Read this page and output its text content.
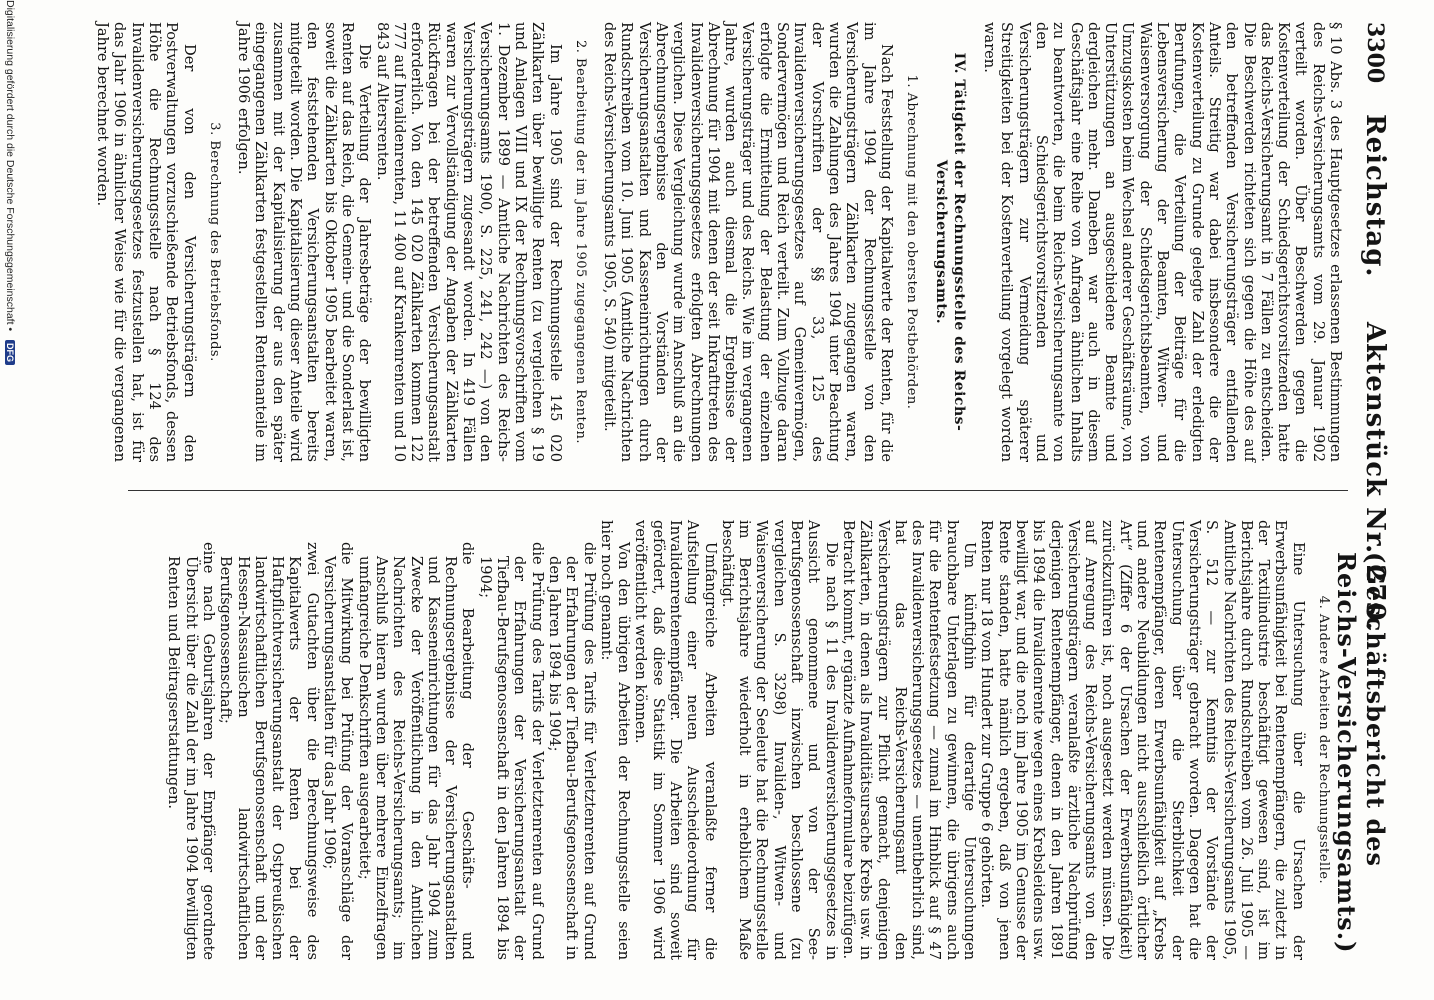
3300
Reichstag.
Aktenstück Nr. 270.
(Geschäftsbericht des Reichs-Versicherungsamts.)

§ 10 Abs. 3 des Hauptgesetzes erlassenen Bestimmungen des Reichs-Versicherungsamts vom 29. Januar 1902 verteilt worden. Über Beschwerden gegen die Kostenverteilung der Schiedsgerichtsvorsitzenden hatte das Reichs-Versicherungsamt in 7 Fällen zu entscheiden. Die Beschwerden richteten sich gegen die Höhe des auf den betreffenden Versicherungsträger entfallenden Anteils. Streitig war dabei insbesondere die der Kostenverteilung zu Grunde gelegte Zahl der erledigten Berufungen, die Verteilung der Beiträge für die Lebensversicherung der Beamten, Witwen- und Waisenversorgung der Schiedsgerichtsbeamten, von Umzugskosten beim Wechsel anderer Geschäftsräume, von Unterstützungen an ausgeschiedene Beamte und dergleichen mehr. Daneben war auch in diesem Geschäftsjahr eine Reihe von Anfragen ähnlichen Inhalts zu beantworten, die beim Reichs-Versicherungsamte von den Schiedsgerichtsvorsitzenden und Versicherungsträgern zur Vermeidung späterer Streitigkeiten bei der Kostenverteilung vorgelegt worden waren.

IV. Tätigkeit der Rechnungsstelle des Reichs-Versicherungsamts.
1. Abrechnung mit den obersten Postbehörden.

Nach Feststellung der Kapitalwerte der Renten, für die im Jahre 1904 der Rechnungsstelle von den Versicherungsträgern Zählkarten zugegangen waren, wurden die Zahlungen des Jahres 1904 unter Beachtung der Vorschriften der §§ 33, 125 des Invalidenversicherungsgesetzes auf Gemeinvermögen, Sondervermögen und Reich verteilt. Zum Vollzuge daran erfolgte die Ermittelung der Belastung der einzelnen Versicherungsträger und des Reichs. Wie im vergangenen Jahre, wurden auch diesmal die Ergebnisse der Abrechnung für 1904 mit denen der seit Inkrafttreten des Invalidenversicherungsgesetzes erfolgten Abrechnungen verglichen. Diese Vergleichung wurde im Anschluß an die Abrechnungsergebnisse den Vorständen der Versicherungsanstalten und Kasseneinrichtungen durch Rundschreiben vom 10. Juni 1905 (Amtliche Nachrichten des Reichs-Versicherungsamts 1905, S. 540) mitgeteilt.

2. Bearbeitung der im Jahre 1905 zugegangenen Renten.

Im Jahre 1905 sind der Rechnungsstelle 145 020 Zählkarten über bewilligte Renten (zu vergleichen § 19 und Anlagen VIII und IX der Rechnungsvorschriften vom 1. Dezember 1899 — Amtliche Nachrichten des Reichs-Versicherungsamts 1900, S. 225, 241, 242 —) von den Versicherungsträgern zugesandt worden. In 419 Fällen waren zur Vervollständigung der Angaben der Zählkarten Rückfragen bei der betreffenden Versicherungsanstalt erforderlich. Von den 145 020 Zählkarten kommen 122 777 auf Invalidenrenten, 11 400 auf Krankenrenten und 10 843 auf Altersrenten.

Die Verteilung der Jahresbeträge der bewilligten Renten auf das Reich, die Gemein- und die Sonderlast ist, soweit die Zählkarten bis Oktober 1905 bearbeitet waren, den feststehenden Versicherungsanstalten bereits mitgeteilt worden. Die Kapitalisierung dieser Anteile wird zusammen mit der Kapitalisierung der aus den später eingegangenen Zählkarten festgestellten Rentenanteile im Jahre 1906 erfolgen.

3. Berechnung des Betriebsfonds.

Der von den Versicherungsträgern den Postverwaltungen vorzuschießende Betriebsfonds, dessen Höhe die Rechnungsstelle nach § 124 des Invalidenversicherungsgesetzes festzustellen hat, ist für das Jahr 1906 in ähnlicher Weise wie für die vergangenen Jahre berechnet worden.

4. Andere Arbeiten der Rechnungsstelle.

Eine Untersuchung über die Ursachen der Erwerbsunfähigkeit bei Rentenempfängern, die zuletzt in der Textilindustrie beschäftigt gewesen sind, ist im Berichtsjahre durch Rundschreiben vom 26. Juli 1905 — Amtliche Nachrichten des Reichs-Versicherungsamts 1905, S. 512 — zur Kenntnis der Vorstände der Versicherungsträger gebracht worden. Dagegen hat die Untersuchung über die Sterblichkeit der Rentenempfänger, deren Erwerbsunfähigkeit auf „Krebs und andere Neubildungen nicht ausschließlich örtlicher Art“ (Ziffer 6 der Ursachen der Erwerbsunfähigkeit) zurückzuführen ist, noch ausgesetzt werden müssen. Die auf Anregung des Reichs-Versicherungsamts von den Versicherungsträgern veranlaßte ärztliche Nachprüfung derjenigen Rentenempfänger, denen in den Jahren 1891 bis 1894 die Invalidenrente wegen eines Krebsleidens usw. bewilligt war, und die noch im Jahre 1905 im Genusse der Rente standen, hatte nämlich ergeben, daß von jenen Renten nur 18 vom Hundert zur Gruppe 6 gehörten.

Um künftighin für derartige Untersuchungen brauchbare Unterlagen zu gewinnen, die übrigens auch für die Rentenfestsetzung — zumal im Hinblick auf § 47 des Invalidenversicherungsgesetzes — unentbehrlich sind, hat das Reichs-Versicherungsamt den Versicherungsträgern zur Pflicht gemacht, denjenigen Zählkarten, in denen als Invaliditätsursache Krebs usw. in Betracht kommt, ergänzte Aufnahmeformulare beizufügen.

Die nach § 11 des Invalidenversicherungsgesetzes in Aussicht genommene und von der See-Berufsgenossenschaft inzwischen beschlossene (zu vergleichen S. 3298) Invaliden-, Witwen- und Waisenversicherung der Seeleute hat die Rechnungsstelle im Berichtsjahre wiederholt in erheblichem Maße beschäftigt.

Umfangreiche Arbeiten veranlaßte ferner die Aufstellung einer neuen Ausscheideordnung für Invalidenrentenempfänger. Die Arbeiten sind soweit gefördert, daß diese Statistik im Sommer 1906 wird veröffentlicht werden können.

Von den übrigen Arbeiten der Rechnungsstelle seien hier noch genannt:

die Prüfung des Tarifs für Verletztenrenten auf Grund der Erfahrungen der Tiefbau-Berufsgenossenschaft in den Jahren 1894 bis 1904;
die Prüfung des Tarifs der Verletztenrenten auf Grund der Erfahrungen der Versicherungsanstalt der Tiefbau-Berufsgenossenschaft in den Jahren 1894 bis 1904;
die Bearbeitung der Geschäfts- und Rechnungsergebnisse der Versicherungsanstalten und Kasseneinrichtungen für das Jahr 1904 zum Zwecke der Veröffentlichung in den Amtlichen Nachrichten des Reichs-Versicherungsamts; im Anschluß hieran wurden über mehrere Einzelfragen umfangreiche Denkschriften ausgearbeitet;
die Mitwirkung bei Prüfung der Voranschläge der Versicherungsanstalten für das Jahr 1906;
zwei Gutachten über die Berechnungsweise des Kapitalwerts der Renten bei der Haftpflichtversicherungsanstalt der Ostpreußischen landwirtschaftlichen Berufsgenossenschaft und der Hessen-Nassauischen landwirtschaftlichen Berufsgenossenschaft;
eine nach Geburtsjahren der Empfänger geordnete Übersicht über die Zahl der im Jahre 1904 bewilligten Renten und Beitragserstattungen.
Digitalisierung gefördert durch die Deutsche Forschungsgemeinschaft • DFG
